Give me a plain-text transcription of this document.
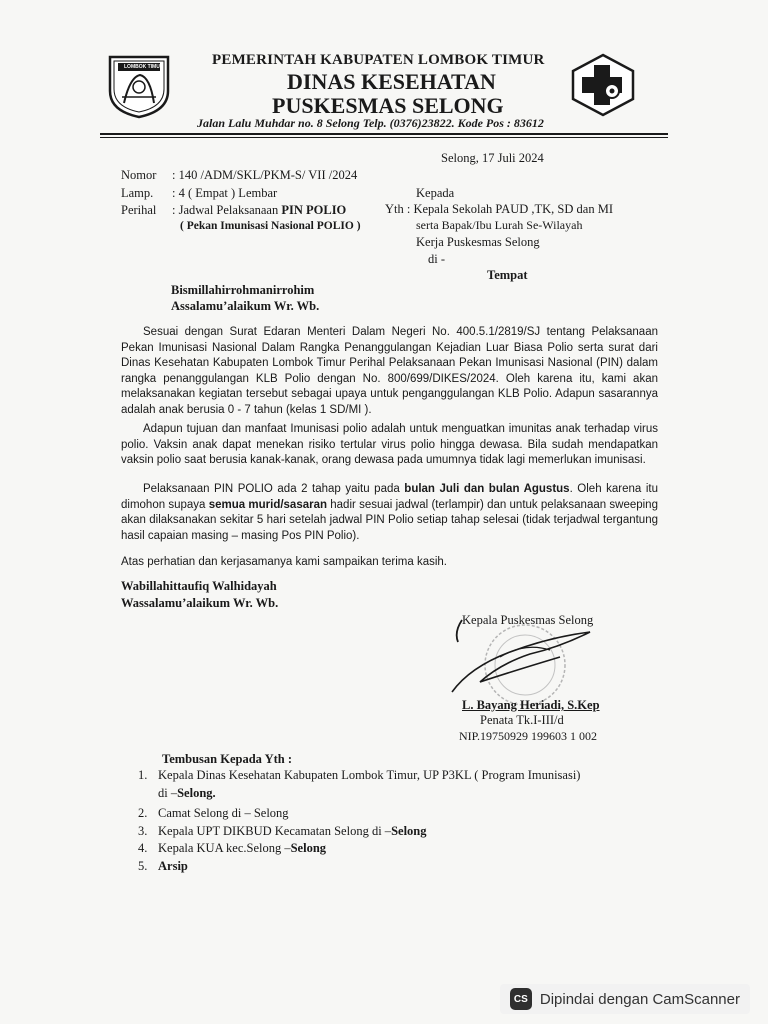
LOMBOK TIMUR	PEMERINTAH KABUPATEN LOMBOK TIMUR
DINAS KESEHATAN
PUSKESMAS SELONG
Jalan Lalu Muhdar no. 8 Selong Telp. (0376)23822. Kode Pos : 83612
Selong, 17 Juli 2024
Nomor : 140 /ADM/SKL/PKM-S/ VII /2024
Lamp. : 4 ( Empat ) Lembar
Perihal : Jadwal Pelaksanaan PIN POLIO
( Pekan Imunisasi Nasional POLIO )
Kepada
Yth : Kepala Sekolah PAUD ,TK, SD dan MI
serta Bapak/Ibu Lurah Se-Wilayah
Kerja Puskesmas Selong
di -
Tempat
Bismillahirrohmanirrohim
Assalamu’alaikum Wr. Wb.
Sesuai dengan Surat Edaran Menteri Dalam Negeri No. 400.5.1/2819/SJ tentang Pelaksanaan Pekan Imunisasi Nasional Dalam Rangka Penanggulangan Kejadian Luar Biasa Polio serta surat dari Dinas Kesehatan Kabupaten Lombok Timur Perihal Pelaksanaan Pekan Imunisasi Nasional (PIN) dalam rangka penanggulangan KLB Polio dengan No. 800/699/DIKES/2024. Oleh karena itu, kami akan melaksanakan kegiatan tersebut sebagai upaya untuk penganggulangan KLB Polio. Adapun sasarannya adalah anak berusia 0 - 7 tahun (kelas 1 SD/MI ).
Adapun tujuan dan manfaat Imunisasi polio adalah untuk menguatkan imunitas anak terhadap virus polio. Vaksin anak dapat menekan risiko tertular virus polio hingga dewasa. Bila sudah mendapatkan vaksin polio saat berusia kanak-kanak, orang dewasa pada umumnya tidak lagi memerlukan imunisasi.
Pelaksanaan PIN POLIO ada 2 tahap yaitu pada bulan Juli dan bulan Agustus. Oleh karena itu dimohon supaya semua murid/sasaran hadir sesuai jadwal (terlampir) dan untuk pelaksanaan sweeping akan dilaksanakan sekitar 5 hari setelah jadwal PIN Polio setiap tahap selesai (tidak terjadwal tergantung hasil capaian masing – masing Pos PIN Polio).
Atas perhatian dan kerjasamanya kami sampaikan terima kasih.
Wabillahittaufiq Walhidayah
Wassalamu’alaikum Wr. Wb.
Kepala Puskesmas Selong
L. Bayang Heriadi, S.Kep
Penata Tk.I-III/d
NIP.19750929 199603 1 002
Tembusan Kepada Yth :
1. Kepala Dinas Kesehatan Kabupaten Lombok Timur, UP P3KL ( Program Imunisasi)
di – Selong.
2. Camat Selong di – Selong
3. Kepala UPT DIKBUD Kecamatan Selong di – Selong
4. Kepala KUA kec.Selong – Selong
5. Arsip
CS Dipindai dengan CamScanner
